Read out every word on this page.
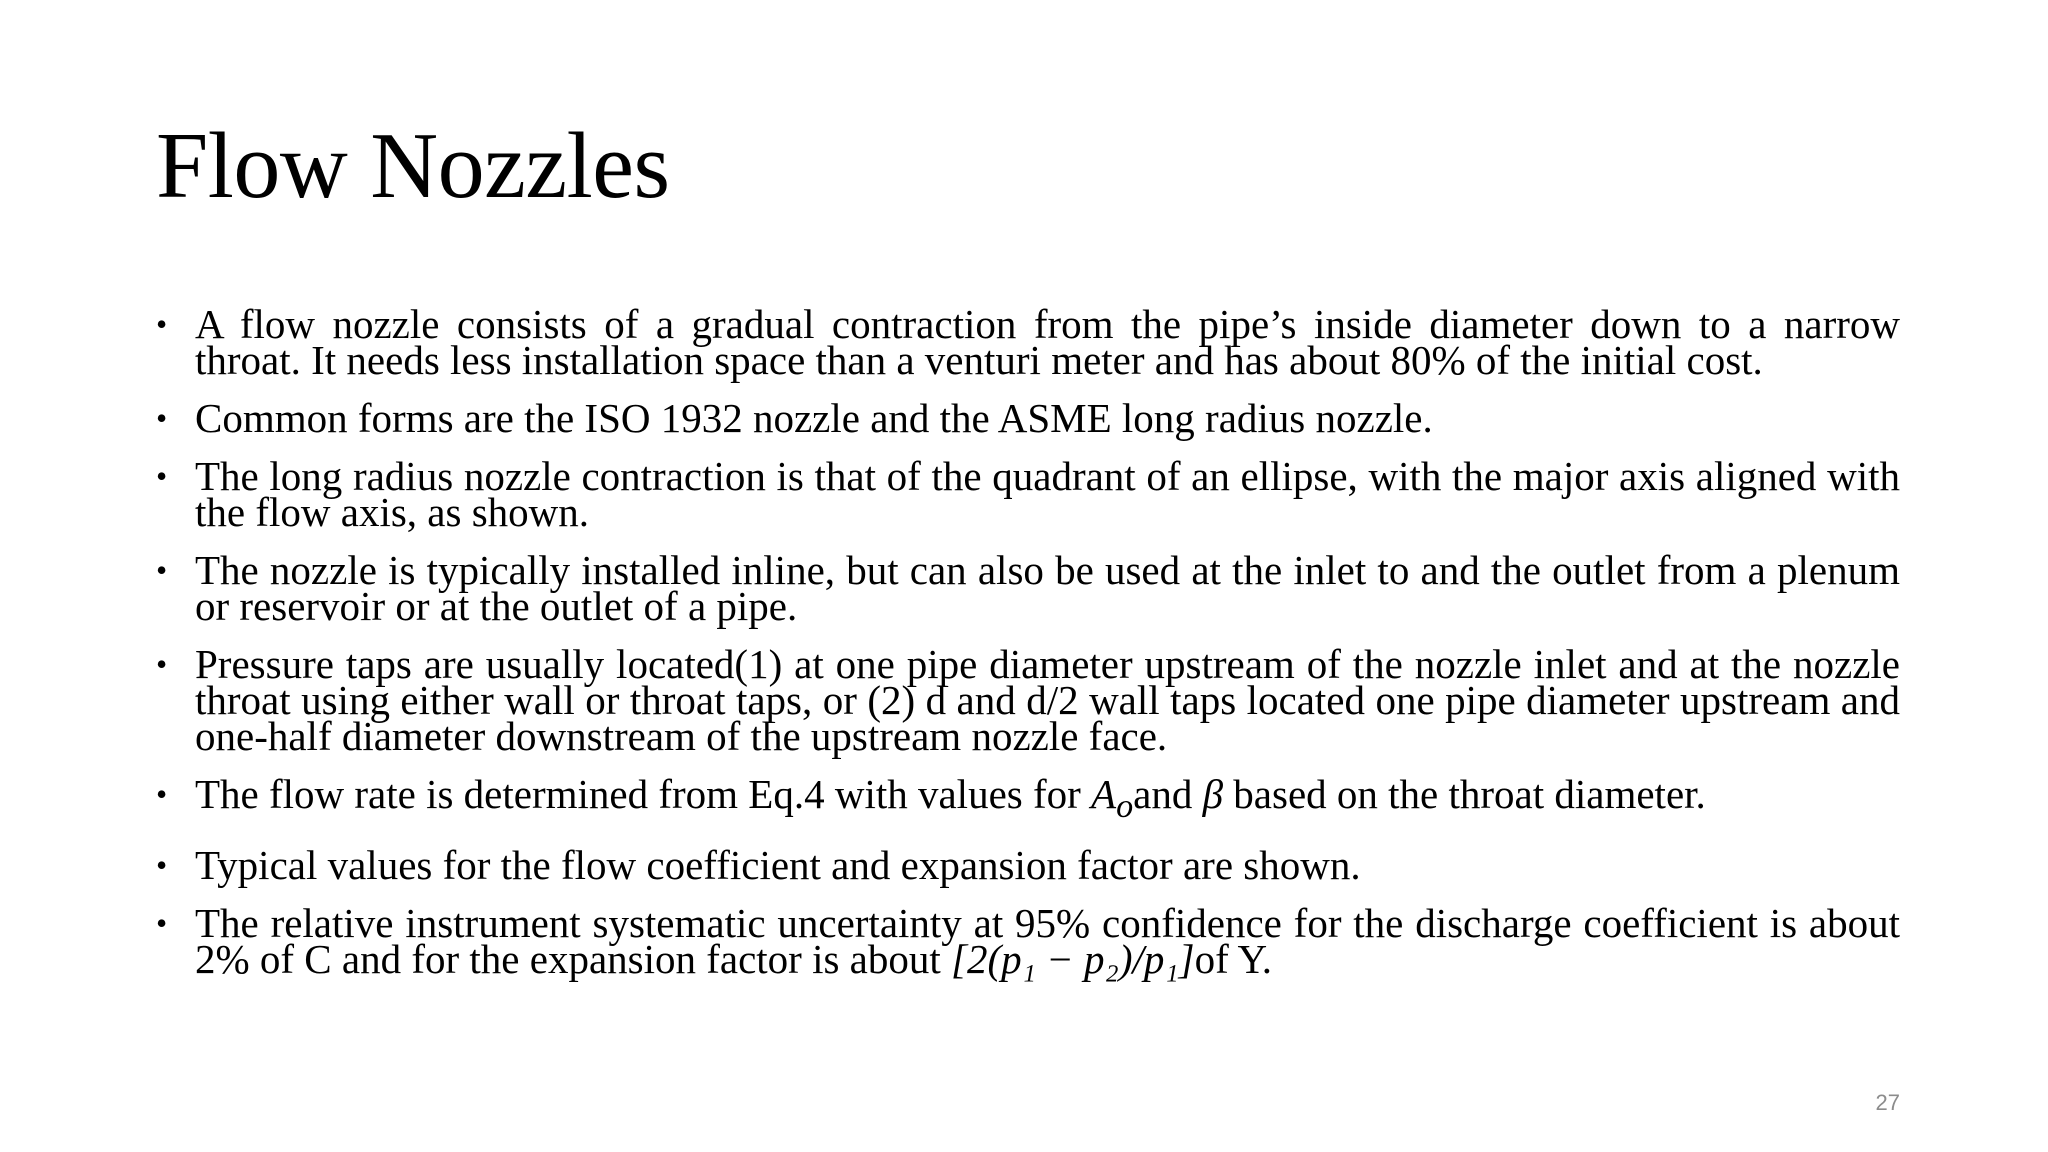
Flow Nozzles
• A flow nozzle consists of a gradual contraction from the pipe’s inside diameter down to a narrow throat. It needs less installation space than a venturi meter and has about 80% of the initial cost.
• Common forms are the ISO 1932 nozzle and the ASME long radius nozzle.
• The long radius nozzle contraction is that of the quadrant of an ellipse, with the major axis aligned with the flow axis, as shown.
• The nozzle is typically installed inline, but can also be used at the inlet to and the outlet from a plenum or reservoir or at the outlet of a pipe.
• Pressure taps are usually located(1) at one pipe diameter upstream of the nozzle inlet and at the nozzle throat using either wall or throat taps, or (2) d and d/2 wall taps located one pipe diameter upstream and one-half diameter downstream of the upstream nozzle face.
• The flow rate is determined from Eq.4 with values for $A_oand$ β based on the throat diameter.
• Typical values for the flow coefficient and expansion factor are shown.
• The relative instrument systematic uncertainty at 95% confidence for the discharge coefficient is about 2% of C and for the expansion factor is about [2(p₁ − p₂)/p₁]of Y.
27
